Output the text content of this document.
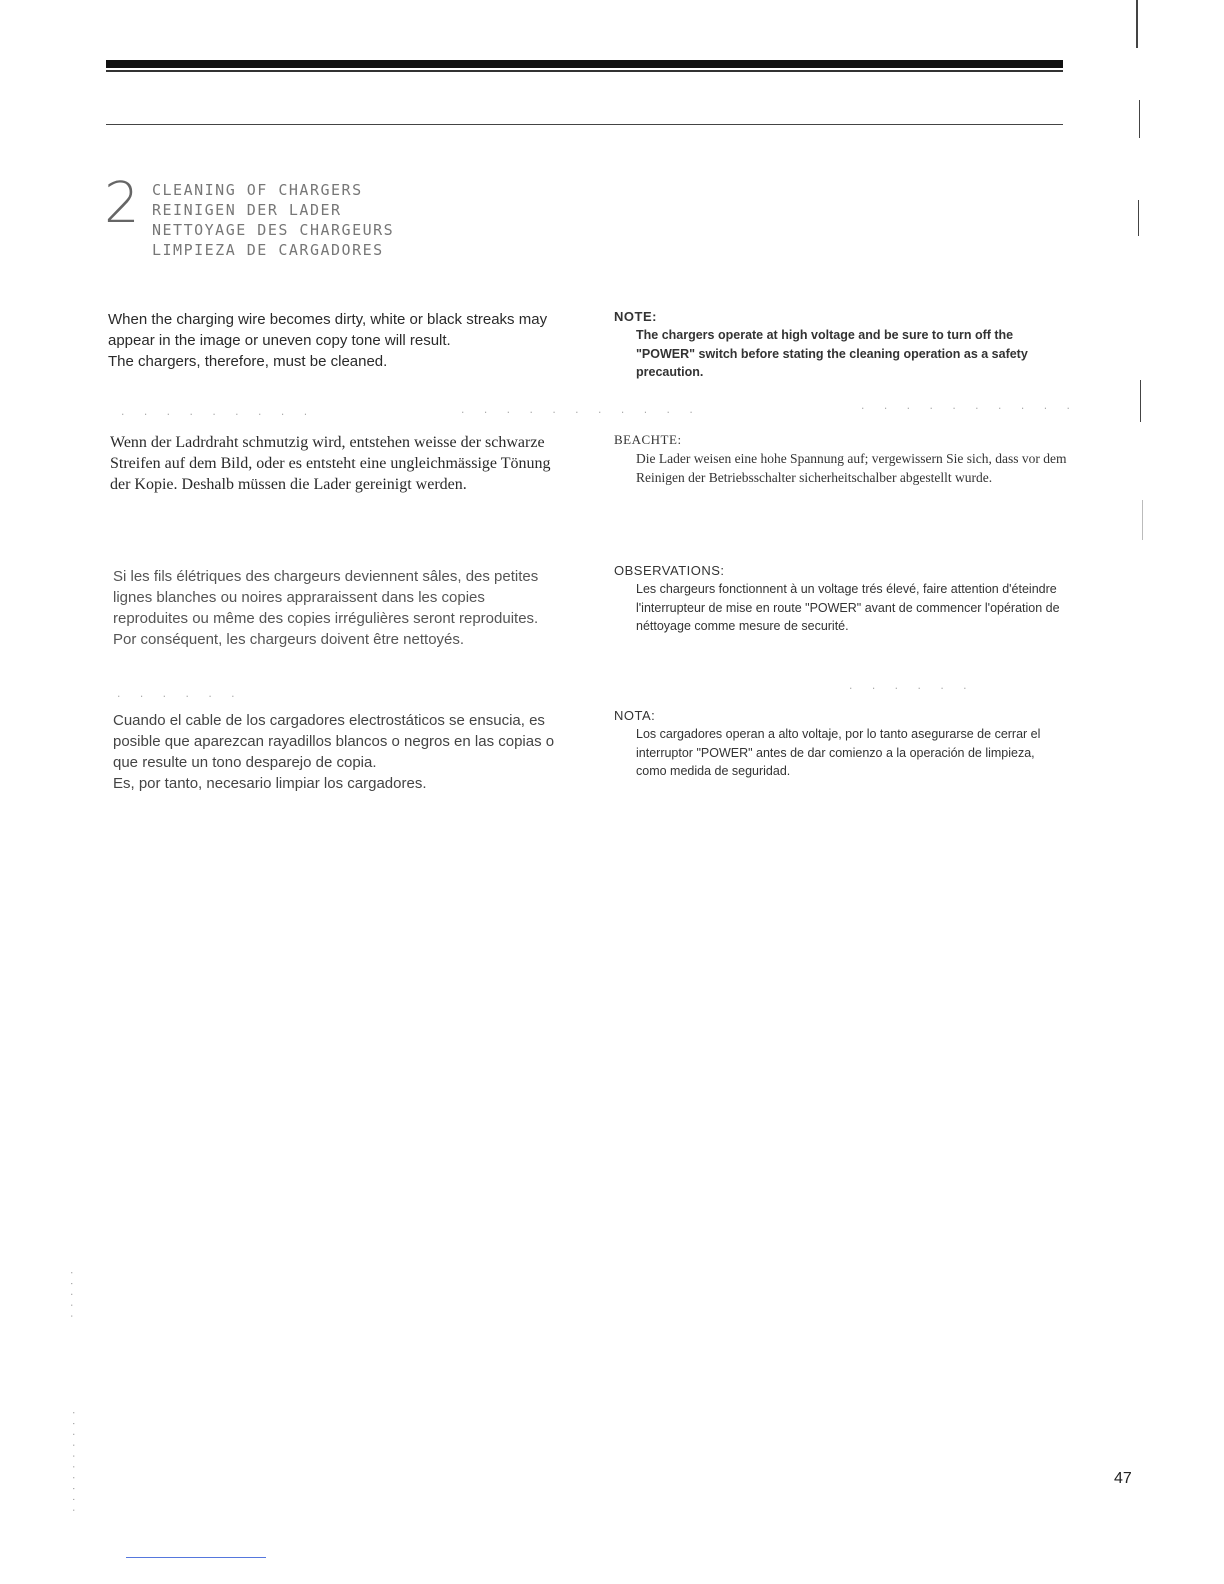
2 CLEANING OF CHARGERS
REINIGEN DER LADER
NETTOYAGE DES CHARGEURS
LIMPIEZA DE CARGADORES

When the charging wire becomes dirty, white or black streaks may appear in the image or uneven copy tone will result.

The chargers, therefore, must be cleaned.

NOTE:

The chargers operate at high voltage and be sure to turn off the "POWER" switch before stating the cleaning operation as a safety precaution.

. . . . . . . . .	. . . . . . . . . . .	. . . . . . . . . .

Wenn der Ladrdraht schmutzig wird, entstehen weisse der schwarze Streifen auf dem Bild, oder es entsteht eine ungleichmässige Tönung der Kopie. Deshalb müssen die Lader gereinigt werden.

BEACHTE:

Die Lader weisen eine hohe Spannung auf; vergewissern Sie sich, dass vor dem Reinigen der Betriebsschalter sicherheitschalber abgestellt wurde.

Si les fils élétriques des chargeurs deviennent sâles, des petites lignes blanches ou noires appraraissent dans les copies reproduites ou même des copies irrégulières seront reproduites.

Por conséquent, les chargeurs doivent être nettoyés.

OBSERVATIONS:

Les chargeurs fonctionnent à un voltage trés élevé, faire attention d'éteindre l'interrupteur de mise en route "POWER" avant de commencer l'opération de néttoyage comme mesure de securité.

. . . . . .
. . . . . .

Cuando el cable de los cargadores electrostáticos se ensucia, es posible que aparezcan rayadillos blancos o negros en las copias o que resulte un tono desparejo de copia.

Es, por tanto, necesario limpiar los cargadores.

NOTA:

Los cargadores operan a alto voltaje, por lo tanto asegurarse de cerrar el interruptor "POWER" antes de dar comienzo a la operación de limpieza, como medida de seguridad.

. . . . .
. . . . . . . . . .	47
